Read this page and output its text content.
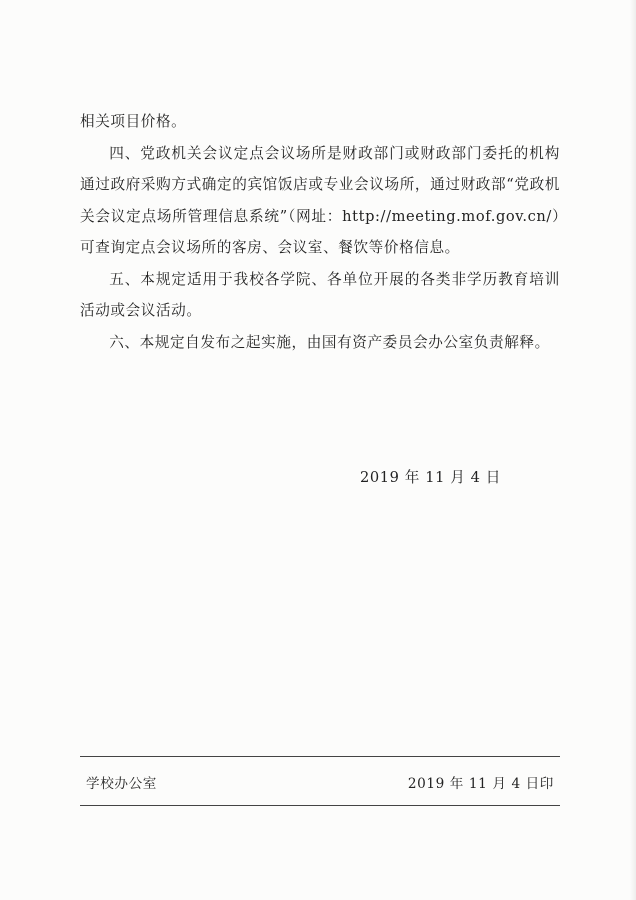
相关项目价格。

四、党政机关会议定点会议场所是财政部门或财政部门委托的机构通过政府采购方式确定的宾馆饭店或专业会议场所，通过财政部“党政机关会议定点场所管理信息系统”（网址：http://meeting.mof.gov.cn/）可查询定点会议场所的客房、会议室、餐饮等价格信息。

五、本规定适用于我校各学院、各单位开展的各类非学历教育培训活动或会议活动。

六、本规定自发布之起实施，由国有资产委员会办公室负责解释。

2019 年 11 月 4 日
学校办公室	2019 年 11 月 4 日印
